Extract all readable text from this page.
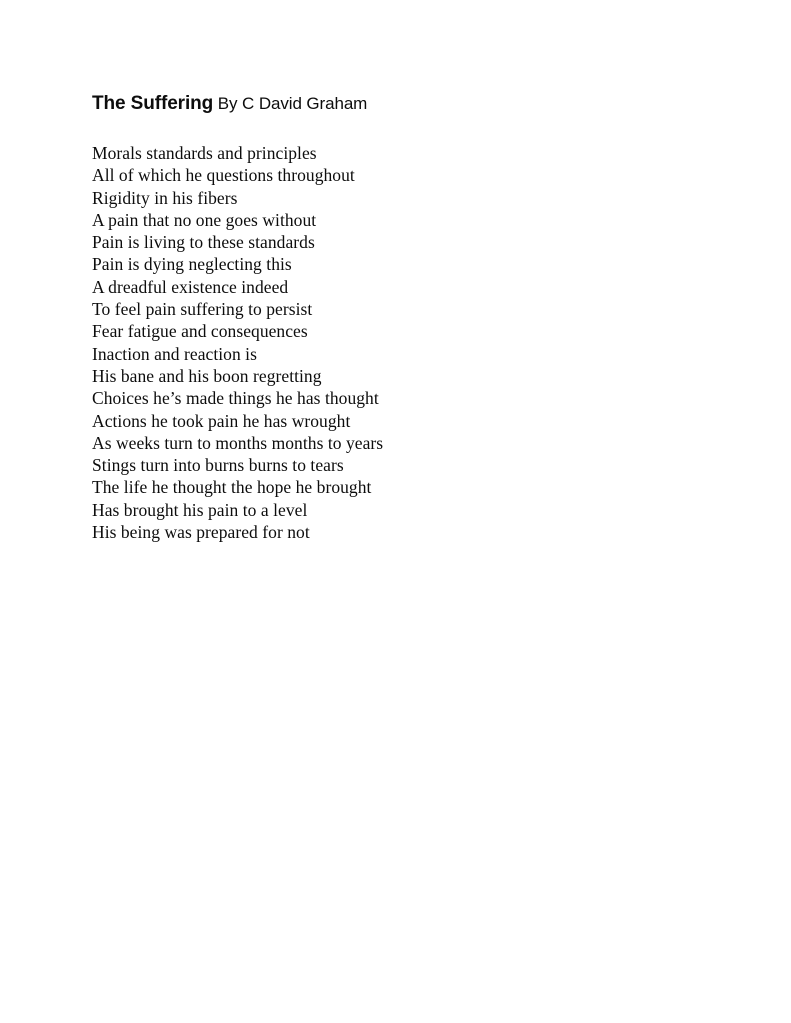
The Suffering By C David Graham
Morals standards and principles
All of which he questions throughout
Rigidity in his fibers
A pain that no one goes without
Pain is living to these standards
Pain is dying neglecting this
A dreadful existence indeed
To feel pain suffering to persist
Fear fatigue and consequences
Inaction and reaction is
His bane and his boon regretting
Choices he’s made things he has thought
Actions he took pain he has wrought
As weeks turn to months months to years
Stings turn into burns burns to tears
The life he thought the hope he brought
Has brought his pain to a level
His being was prepared for not
